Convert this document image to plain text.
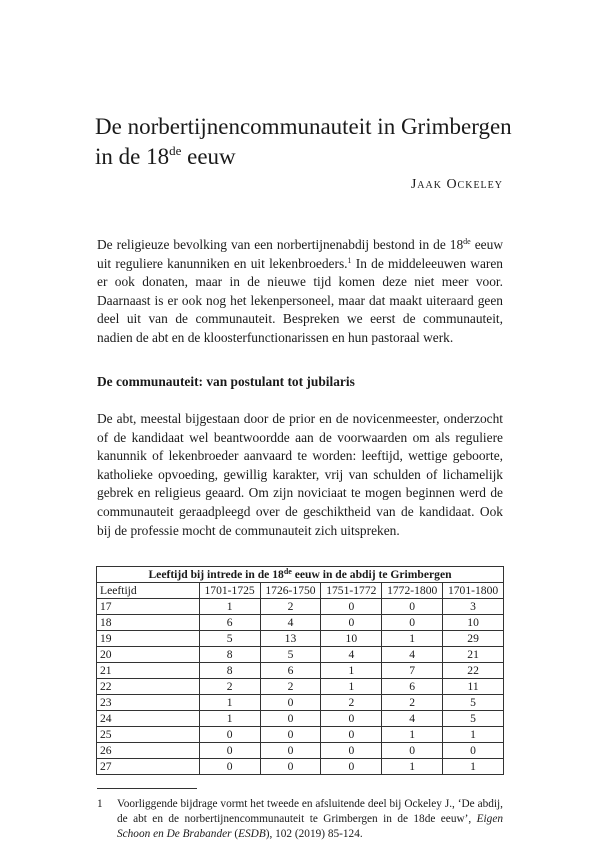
De norbertijnencommunauteit in Grimbergen
in de 18de eeuw
Jaak Ockeley

De religieuze bevolking van een norbertijnenabdij bestond in de 18de eeuw uit reguliere kanunniken en uit lekenbroeders.$^1$ In de middeleeuwen waren er ook donaten, maar in de nieuwe tijd komen deze niet meer voor. Daarnaast is er ook nog het lekenpersoneel, maar dat maakt uiteraard geen deel uit van de communauteit. Bespreken we eerst de communauteit, nadien de abt en de kloosterfunctionarissen en hun pastoraal werk.

De communauteit: van postulant tot jubilaris

De abt, meestal bijgestaan door de prior en de novicenmeester, onderzocht of de kandidaat wel beantwoordde aan de voorwaarden om als reguliere kanunnik of lekenbroeder aanvaard te worden: leeftijd, wettige geboorte, katholieke opvoeding, gewillig karakter, vrij van schulden of lichamelijk gebrek en religieus geaard. Om zijn noviciaat te mogen beginnen werd de communauteit geraadpleegd over de geschiktheid van de kandidaat. Ook bij de professie mocht de communauteit zich uitspreken.

Leeftijd bij intrede in de 18de eeuw in de abdij te Grimbergen					
Leeftijd	1701-1725	1726-1750	1751-1772	1772-1800	1701-1800
17	1	2	0	0	3
18	6	4	0	0	10
19	5	13	10	1	29
20	8	5	4	4	21
21	8	6	1	7	22
22	2	2	1	6	11
23	1	0	2	2	5
24	1	0	0	4	5
25	0	0	0	1	1
26	0	0	0	0	0
27	0	0	0	1	1
1 Voorliggende bijdrage vormt het tweede en afsluitende deel bij Ockeley J., ‘De abdij, de abt en de norbertijnencommunauteit te Grimbergen in de 18de eeuw’, Eigen Schoon en De Brabander (ESDB), 102 (2019) 85-124.
